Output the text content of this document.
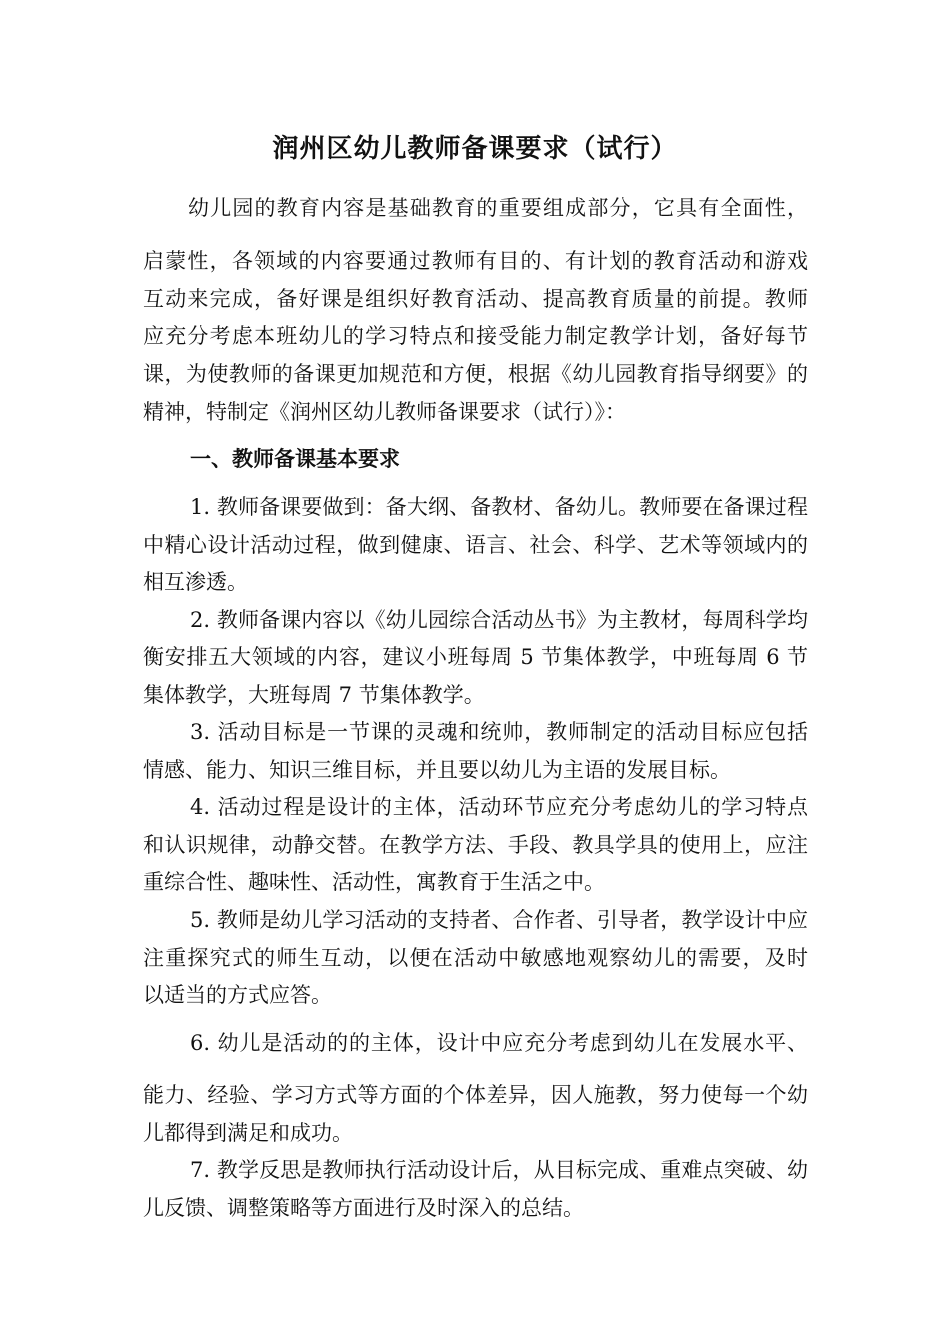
润州区幼儿教师备课要求（试行）
幼儿园的教育内容是基础教育的重要组成部分，它具有全面性，
启蒙性，各领域的内容要通过教师有目的、有计划的教育活动和游戏
互动来完成，备好课是组织好教育活动、提高教育质量的前提。教师
应充分考虑本班幼儿的学习特点和接受能力制定教学计划，备好每节
课，为使教师的备课更加规范和方便，根据《幼儿园教育指导纲要》的
精神，特制定《润州区幼儿教师备课要求（试行）》：
一、教师备课基本要求
1. 教师备课要做到：备大纲、备教材、备幼儿。教师要在备课过程
中精心设计活动过程，做到健康、语言、社会、科学、艺术等领域内的
相互渗透。
2. 教师备课内容以《幼儿园综合活动丛书》为主教材，每周科学均
衡安排五大领域的内容，建议小班每周 5 节集体教学，中班每周 6 节
集体教学，大班每周 7 节集体教学。
3. 活动目标是一节课的灵魂和统帅，教师制定的活动目标应包括
情感、能力、知识三维目标，并且要以幼儿为主语的发展目标。
4. 活动过程是设计的主体，活动环节应充分考虑幼儿的学习特点
和认识规律，动静交替。在教学方法、手段、教具学具的使用上，应注
重综合性、趣味性、活动性，寓教育于生活之中。
5. 教师是幼儿学习活动的支持者、合作者、引导者，教学设计中应
注重探究式的师生互动，以便在活动中敏感地观察幼儿的需要，及时
以适当的方式应答。
6. 幼儿是活动的的主体，设计中应充分考虑到幼儿在发展水平、
能力、经验、学习方式等方面的个体差异，因人施教，努力使每一个幼
儿都得到满足和成功。
7. 教学反思是教师执行活动设计后，从目标完成、重难点突破、幼
儿反馈、调整策略等方面进行及时深入的总结。
